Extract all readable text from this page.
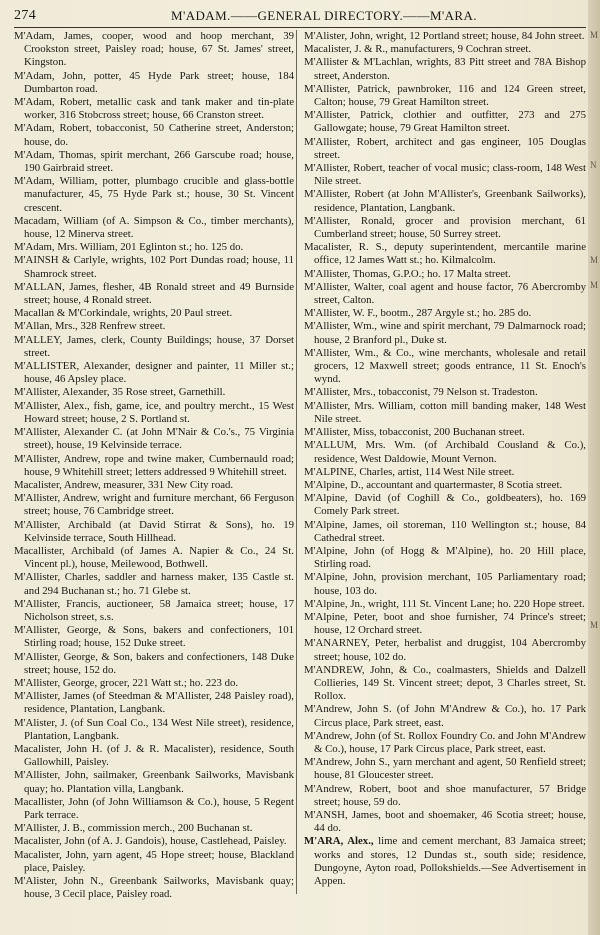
274	M'ADAM.——GENERAL DIRECTORY.——M'ARA.

M'Adam, James, cooper, wood and hoop merchant, 39 Crookston street, Paisley road; house, 67 St. James' street, Kingston.

M'Adam, John, potter, 45 Hyde Park street; house, 184 Dumbarton road.

M'Adam, Robert, metallic cask and tank maker and tin-plate worker, 316 Stobcross street; house, 66 Cranston street.

M'Adam, Robert, tobacconist, 50 Catherine street, Anderston; house, do.

M'Adam, Thomas, spirit merchant, 266 Garscube road; house, 190 Gairbraid street.

M'Adam, William, potter, plumbago crucible and glass-bottle manufacturer, 45, 75 Hyde Park st.; house, 30 St. Vincent crescent.

Macadam, William (of A. Simpson & Co., timber merchants), house, 12 Minerva street.

M'Adam, Mrs. William, 201 Eglinton st.; ho. 125 do.

M'AINSH & Carlyle, wrights, 102 Port Dundas road; house, 11 Shamrock street.

M'ALLAN, James, flesher, 4B Ronald street and 49 Burnside street; house, 4 Ronald street.

Macallan & M'Corkindale, wrights, 20 Paul street.

M'Allan, Mrs., 328 Renfrew street.

M'ALLEY, James, clerk, County Buildings; house, 37 Dorset street.

M'ALLISTER, Alexander, designer and painter, 11 Miller st.; house, 46 Apsley place.

M'Allister, Alexander, 35 Rose street, Garnethill.

M'Allister, Alex., fish, game, ice, and poultry mercht., 15 West Howard street; house, 2 S. Portland st.

M'Allister, Alexander C. (at John M'Nair & Co.'s., 75 Virginia street), house, 19 Kelvinside terrace.

M'Allister, Andrew, rope and twine maker, Cumbernauld road; house, 9 Whitehill street; letters addressed 9 Whitehill street.

Macalister, Andrew, measurer, 331 New City road.

M'Allister, Andrew, wright and furniture merchant, 66 Ferguson street; house, 76 Cambridge street.

M'Allister, Archibald (at David Stirrat & Sons), ho. 19 Kelvinside terrace, South Hillhead.

Macallister, Archibald (of James A. Napier & Co., 24 St. Vincent pl.), house, Meilewood, Bothwell.

M'Allister, Charles, saddler and harness maker, 135 Castle st. and 294 Buchanan st.; ho. 71 Glebe st.

M'Allister, Francis, auctioneer, 58 Jamaica street; house, 17 Nicholson street, s.s.

M'Allister, George, & Sons, bakers and confectioners, 101 Stirling road; house, 152 Duke street.

M'Allister, George, & Son, bakers and confectioners, 148 Duke street; house, 152 do.

M'Allister, George, grocer, 221 Watt st.; ho. 223 do.

M'Allister, James (of Steedman & M'Allister, 248 Paisley road), residence, Plantation, Langbank.

M'Alister, J. (of Sun Coal Co., 134 West Nile street), residence, Plantation, Langbank.

Macalister, John H. (of J. & R. Macalister), residence, South Gallowhill, Paisley.

M'Allister, John, sailmaker, Greenbank Sailworks, Mavisbank quay; ho. Plantation villa, Langbank.

Macallister, John (of John Williamson & Co.), house, 5 Regent Park terrace.

M'Allister, J. B., commission merch., 200 Buchanan st.

Macalister, John (of A. J. Gandois), house, Castlehead, Paisley.

Macalister, John, yarn agent, 45 Hope street; house, Blackland place, Paisley.

M'Alister, John N., Greenbank Sailworks, Mavisbank quay; house, 3 Cecil place, Paisley road.

M'Alister, John, wright, 12 Portland street; house, 84 John street.

Macalister, J. & R., manufacturers, 9 Cochran street.

M'Allister & M'Lachlan, wrights, 83 Pitt street and 78A Bishop street, Anderston.

M'Allister, Patrick, pawnbroker, 116 and 124 Green street, Calton; house, 79 Great Hamilton street.

M'Allister, Patrick, clothier and outfitter, 273 and 275 Gallowgate; house, 79 Great Hamilton street.

M'Allister, Robert, architect and gas engineer, 105 Douglas street.

M'Allister, Robert, teacher of vocal music; class-room, 148 West Nile street.

M'Allister, Robert (at John M'Allister's, Greenbank Sailworks), residence, Plantation, Langbank.

M'Allister, Ronald, grocer and provision merchant, 61 Cumberland street; house, 50 Surrey street.

Macalister, R. S., deputy superintendent, mercantile marine office, 12 James Watt st.; ho. Kilmalcolm.

M'Allister, Thomas, G.P.O.; ho. 17 Malta street.

M'Allister, Walter, coal agent and house factor, 76 Abercromby street, Calton.

M'Allister, W. F., bootm., 287 Argyle st.; ho. 285 do.

M'Allister, Wm., wine and spirit merchant, 79 Dalmarnock road; house, 2 Branford pl., Duke st.

M'Allister, Wm., & Co., wine merchants, wholesale and retail grocers, 12 Maxwell street; goods entrance, 11 St. Enoch's wynd.

M'Allister, Mrs., tobacconist, 79 Nelson st. Tradeston.

M'Allister, Mrs. William, cotton mill banding maker, 148 West Nile street.

M'Allister, Miss, tobacconist, 200 Buchanan street.

M'ALLUM, Mrs. Wm. (of Archibald Cousland & Co.), residence, West Daldowie, Mount Vernon.

M'ALPINE, Charles, artist, 114 West Nile street.

M'Alpine, D., accountant and quartermaster, 8 Scotia street.

M'Alpine, David (of Coghill & Co., goldbeaters), ho. 169 Comely Park street.

M'Alpine, James, oil storeman, 110 Wellington st.; house, 84 Cathedral street.

M'Alpine, John (of Hogg & M'Alpine), ho. 20 Hill place, Stirling road.

M'Alpine, John, provision merchant, 105 Parliamentary road; house, 103 do.

M'Alpine, Jn., wright, 111 St. Vincent Lane; ho. 220 Hope street.

M'Alpine, Peter, boot and shoe furnisher, 74 Prince's street; house, 12 Orchard street.

M'ANARNEY, Peter, herbalist and druggist, 104 Abercromby street; house, 102 do.

M'ANDREW, John, & Co., coalmasters, Shields and Dalzell Collieries, 149 St. Vincent street; depot, 3 Charles street, St. Rollox.

M'Andrew, John S. (of John M'Andrew & Co.), ho. 17 Park Circus place, Park street, east.

M'Andrew, John (of St. Rollox Foundry Co. and John M'Andrew & Co.), house, 17 Park Circus place, Park street, east.

M'Andrew, John S., yarn merchant and agent, 50 Renfield street; house, 81 Gloucester street.

M'Andrew, Robert, boot and shoe manufacturer, 57 Bridge street; house, 59 do.

M'ANSH, James, boot and shoemaker, 46 Scotia street; house, 44 do.

M'ARA, Alex., lime and cement merchant, 83 Jamaica street; works and stores, 12 Dundas st., south side; residence, Dungoyne, Ayton road, Pollokshields.—See Advertisement in Appen.

M
N
M
M
M
